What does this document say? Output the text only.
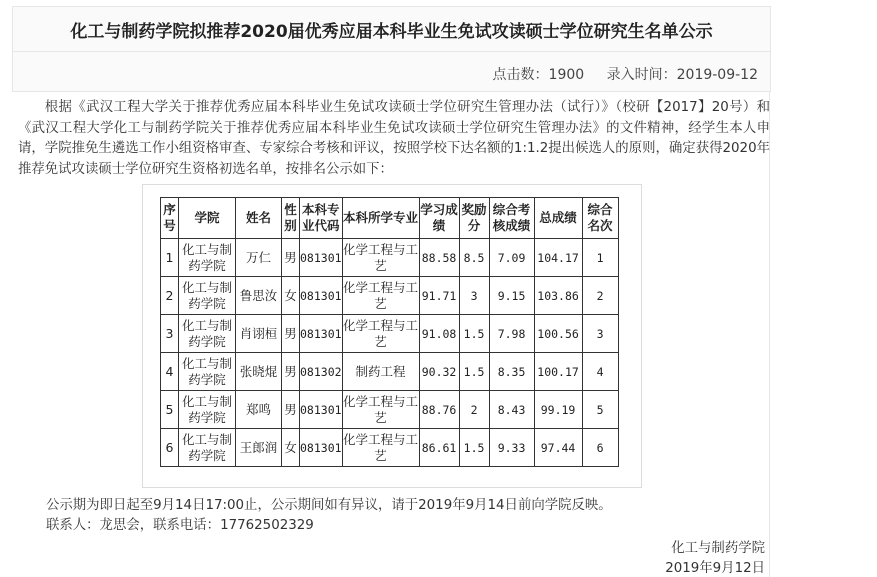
化工与制药学院拟推荐2020届优秀应届本科毕业生免试攻读硕士学位研究生名单公示
点击数：1900 录入时间：2019-09-12

根据《武汉工程大学关于推荐优秀应届本科毕业生免试攻读硕士学位研究生管理办法（试行）》（校研【2017】20号）和《武汉工程大学化工与制药学院关于推荐优秀应届本科毕业生免试攻读硕士学位研究生管理办法》的文件精神，经学生本人申请，学院推免生遴选工作小组资格审查、专家综合考核和评议，按照学校下达名额的1:1.2提出候选人的原则，确定获得2020年推荐免试攻读硕士学位研究生资格初选名单，按排名公示如下：

序号	学院	姓名	性别	本科专业代码	本科所学专业	学习成绩	奖励分	综合考核成绩	总成绩	综合名次
1	化工与制药学院	万仁	男	081301	化学工程与工艺	88.58	8.5	7.09	104.17	1
2	化工与制药学院	鲁思汝	女	081301	化学工程与工艺	91.71	3	9.15	103.86	2
3	化工与制药学院	肖诩桓	男	081301	化学工程与工艺	91.08	1.5	7.98	100.56	3
4	化工与制药学院	张晓焜	男	081302	制药工程	90.32	1.5	8.35	100.17	4
5	化工与制药学院	郑鸣	男	081301	化学工程与工艺	88.76	2	8.43	99.19	5
6	化工与制药学院	王郎润	女	081301	化学工程与工艺	86.61	1.5	9.33	97.44	6
公示期为即日起至9月14日17:00止，公示期间如有异议，请于2019年9月14日前向学院反映。
联系人：龙思会，联系电话：17762502329
化工与制药学院
2019年9月12日
